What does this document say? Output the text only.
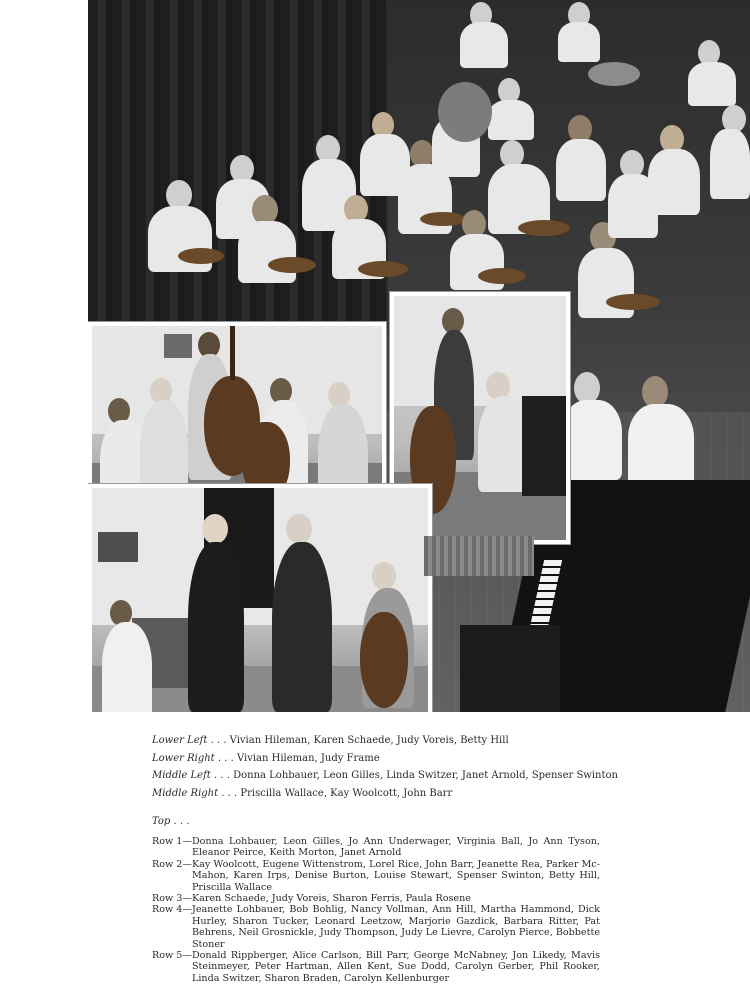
Lower Left . . . Vivian Hileman, Karen Schaede, Judy Voreis, Betty Hill
Lower Right . . . Vivian Hileman, Judy Frame
Middle Left . . . Donna Lohbauer, Leon Gilles, Linda Switzer, Janet Arnold, Spenser Swinton
Middle Right . . . Priscilla Wallace, Kay Woolcott, John Barr
Top . . .
Row 1— Donna Lohbauer, Leon Gilles, Jo Ann Underwager, Virginia Ball, Jo Ann Tyson, Eleanor Peirce, Keith Morton, Janet Arnold
Row 2— Kay Woolcott, Eugene Wittenstrom, Lorel Rice, John Barr, Jeanette Rea, Parker Mc-Mahon, Karen Irps, Denise Burton, Louise Stewart, Spenser Swinton, Betty Hill, Priscilla Wallace
Row 3— Karen Schaede, Judy Voreis, Sharon Ferris, Paula Rosene
Row 4— Jeanette Lohbauer, Bob Bohlig, Nancy Vollman, Ann Hill, Martha Hammond, Dick Hurley, Sharon Tucker, Leonard Leetzow, Marjorie Gazdick, Barbara Ritter, Pat Behrens, Neil Grosnickle, Judy Thompson, Judy Le Lievre, Carolyn Pierce, Bobbette Stoner
Row 5— Donald Rippberger, Alice Carlson, Bill Parr, George McNabney, Jon Likedy, Mavis Steinmeyer, Peter Hartman, Allen Kent, Sue Dodd, Carolyn Gerber, Phil Rooker, Linda Switzer, Sharon Braden, Carolyn Kellenburger
